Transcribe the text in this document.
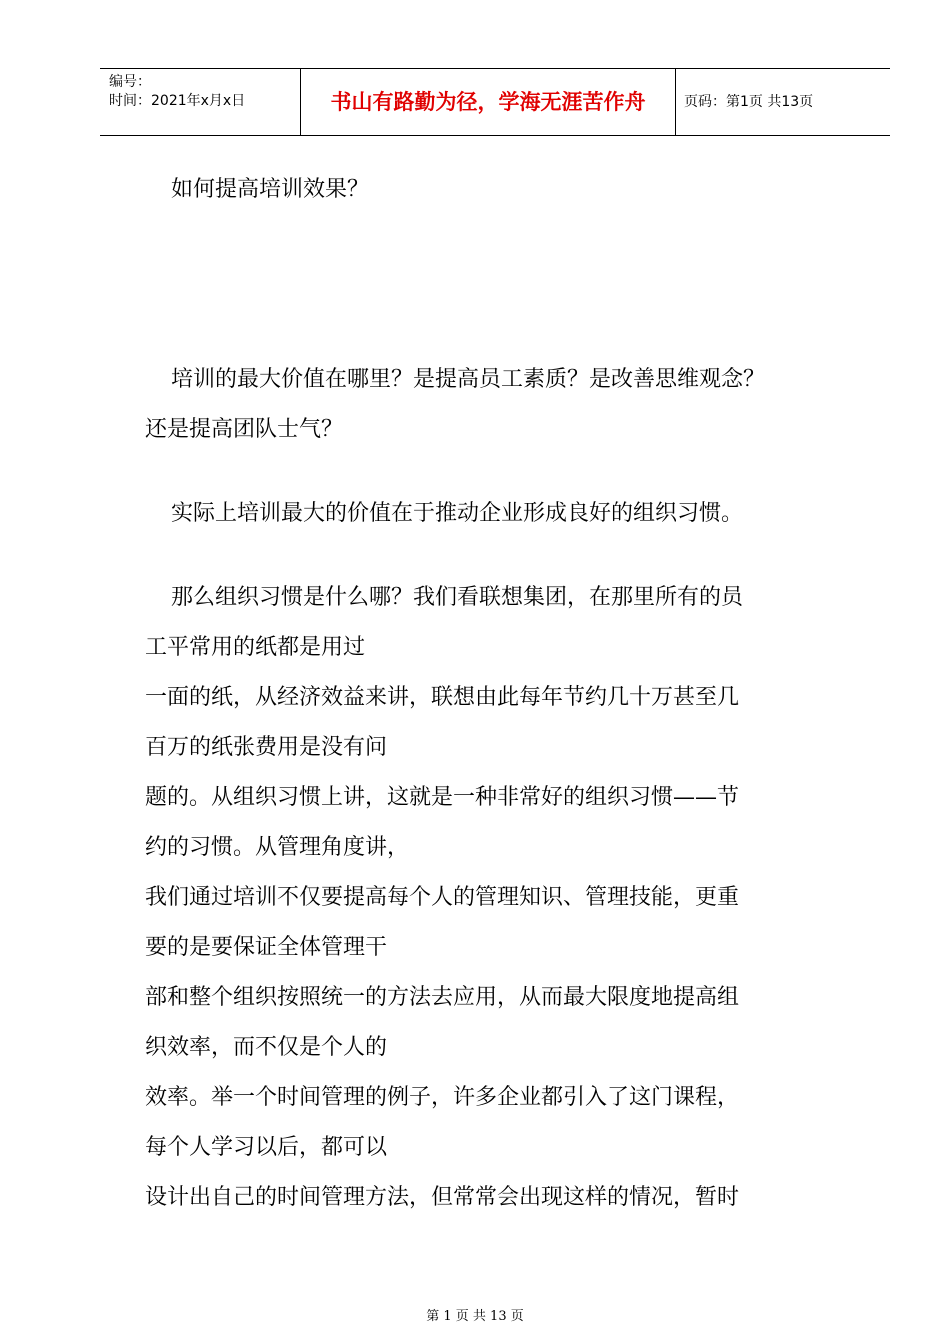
编号：
时间：2021年x月x日	书山有路勤为径，学海无涯苦作舟	页码：第1页 共13页

如何提高培训效果？

培训的最大价值在哪里？是提高员工素质？是改善思维观念？

还是提高团队士气？

实际上培训最大的价值在于推动企业形成良好的组织习惯。

那么组织习惯是什么哪？我们看联想集团，在那里所有的员

工平常用的纸都是用过

一面的纸，从经济效益来讲，联想由此每年节约几十万甚至几

百万的纸张费用是没有问

题的。从组织习惯上讲，这就是一种非常好的组织习惯——节

约的习惯。从管理角度讲，

我们通过培训不仅要提高每个人的管理知识、管理技能，更重

要的是要保证全体管理干

部和整个组织按照统一的方法去应用，从而最大限度地提高组

织效率，而不仅是个人的

效率。举一个时间管理的例子，许多企业都引入了这门课程，

每个人学习以后，都可以

设计出自己的时间管理方法，但常常会出现这样的情况，暂时

第 1 页 共 13 页
